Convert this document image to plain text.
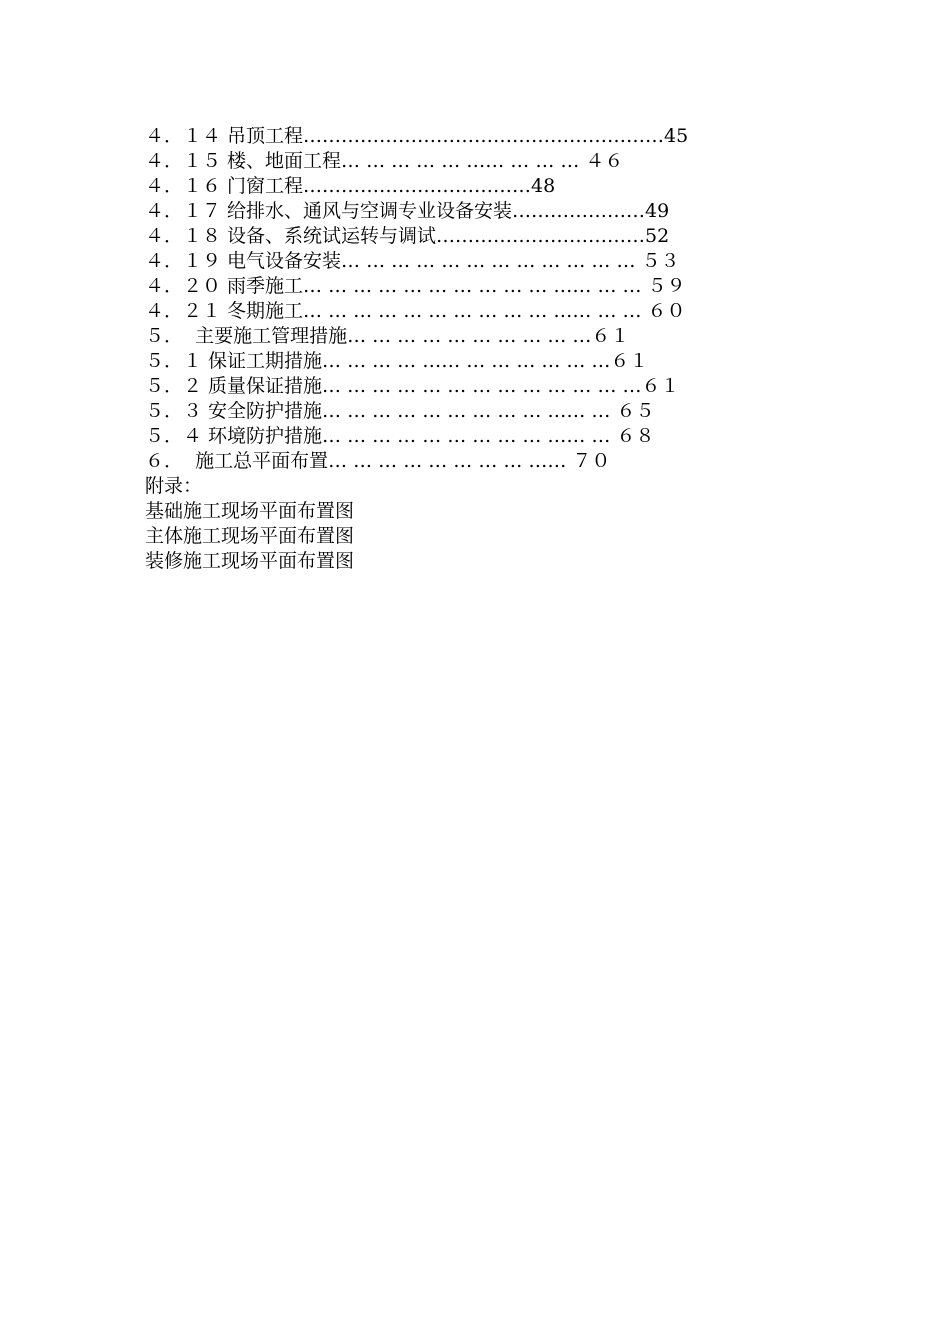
４．１４ 吊顶工程…………………………………………………45
４．１５ 楼、地面工程… … … … … …… … … … ４６
４．１６ 门窗工程………………………………48
４．１７ 给排水、通风与空调专业设备安装…………………49
４．１８ 设备、系统试运转与调试……………………………52
４．１９ 电气设备安装… … … … … … … … … … … … ５３
４．２０ 雨季施工… … … … … … … … … … …… … … ５９
４．２１ 冬期施工… … … … … … … … … … …… … … ６０
５．  主要施工管理措施… … … … … … … … … …６１
５．１ 保证工期措施… … … … …… … … … … … …６１
５．２ 质量保证措施… … … … … … … … … … … … …６１
５．３ 安全防护措施… … … … … … … … … …… … ６５
５．４ 环境防护措施… … … … … … … … … …… … ６８
６．  施工总平面布置… … … … … … … … …… ７０
附录：
基础施工现场平面布置图
主体施工现场平面布置图
装修施工现场平面布置图
